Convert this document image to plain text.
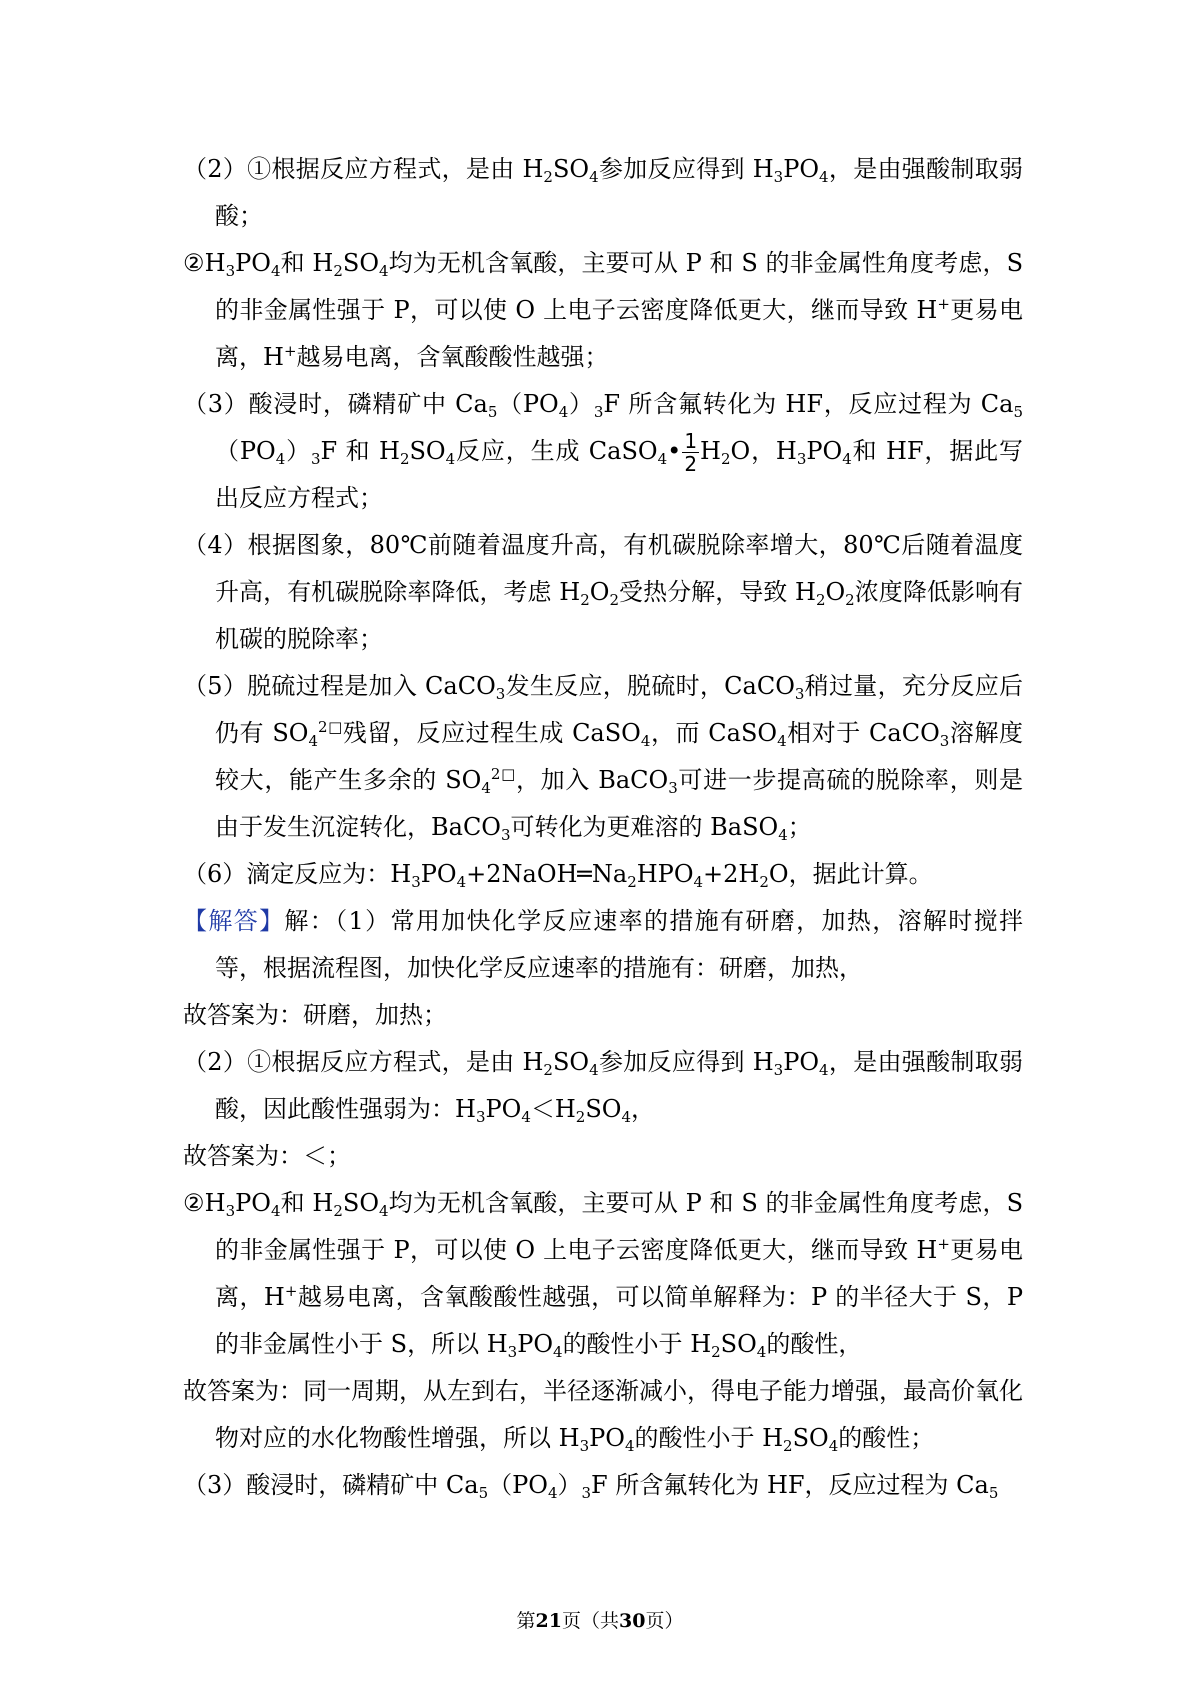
（2）①根据反应方程式，是由 $H_2SO_4$参加反应得到 $H_3PO_4$，是由强酸制取弱酸；

$②H_3PO_4$和 $H_2SO_4$均为无机含氧酸，主要可从 P 和 S 的非金属性角度考虑，S 的非金属性强于 P，可以使 O 上电子云密度降低更大，继而导致 H+更易电离，H+越易电离，含氧酸酸性越强；

（3）酸浸时，磷精矿中 $Ca_5(PO_4)_3F$ 所含氟转化为 HF，反应过程为 $Ca_5(PO_4)_3F$ 和 $H_2SO_4$反应，生成 CaSO$_4$• $\frac{1}{2} H_2O$，$H_3PO_4$和 HF，据此写出反应方程式；

（4）根据图象，80℃前随着温度升高，有机碳脱除率增大，80℃后随着温度升高，有机碳脱除率降低，考虑 $H_2O_2$受热分解，导致 $H_2O_2$浓度降低影响有机碳的脱除率；

（5）脱硫过程是加入 CaCO$_3$发生反应，脱硫时，CaCO$_3$稍过量，充分反应后仍有 $SO_4^{2□}$残留，反应过程生成 CaSO$_4$，而 CaSO$_4$相对于 CaCO$_3$溶解度较大，能产生多余的 $SO_4^{2□}$，加入 BaCO$_3$可进一步提高硫的脱除率，则是由于发生沉淀转化，BaCO$_3$可转化为更难溶的 BaSO$_4$；

（6）滴定反应为：$H_3PO_4+2NaOH═Na_2HPO_4+2H_2O$，据此计算。

【解答】解：（1）常用加快化学反应速率的措施有研磨，加热，溶解时搅拌等，根据流程图，加快化学反应速率的措施有：研磨，加热，

故答案为：研磨，加热；

（2）①根据反应方程式，是由 $H_2SO_4$参加反应得到 $H_3PO_4$，是由强酸制取弱酸，因此酸性强弱为：$H_3PO_4<H_2SO_4$，

故答案为：＜；

$②H_3PO_4$和 $H_2SO_4$均为无机含氧酸，主要可从 P 和 S 的非金属性角度考虑，S 的非金属性强于 P，可以使 O 上电子云密度降低更大，继而导致 H+更易电离，H+越易电离，含氧酸酸性越强，可以简单解释为：P 的半径大于 S，P 的非金属性小于 S，所以 $H_3PO_4$的酸性小于 $H_2SO_4$的酸性，

故答案为：同一周期，从左到右，半径逐渐减小，得电子能力增强，最高价氧化物对应的水化物酸性增强，所以 $H_3PO_4$的酸性小于 $H_2SO_4$的酸性；

（3）酸浸时，磷精矿中 $Ca_5(PO_4)_3F$ 所含氟转化为 HF，反应过程为 $Ca_5$

第21页（共30页）
